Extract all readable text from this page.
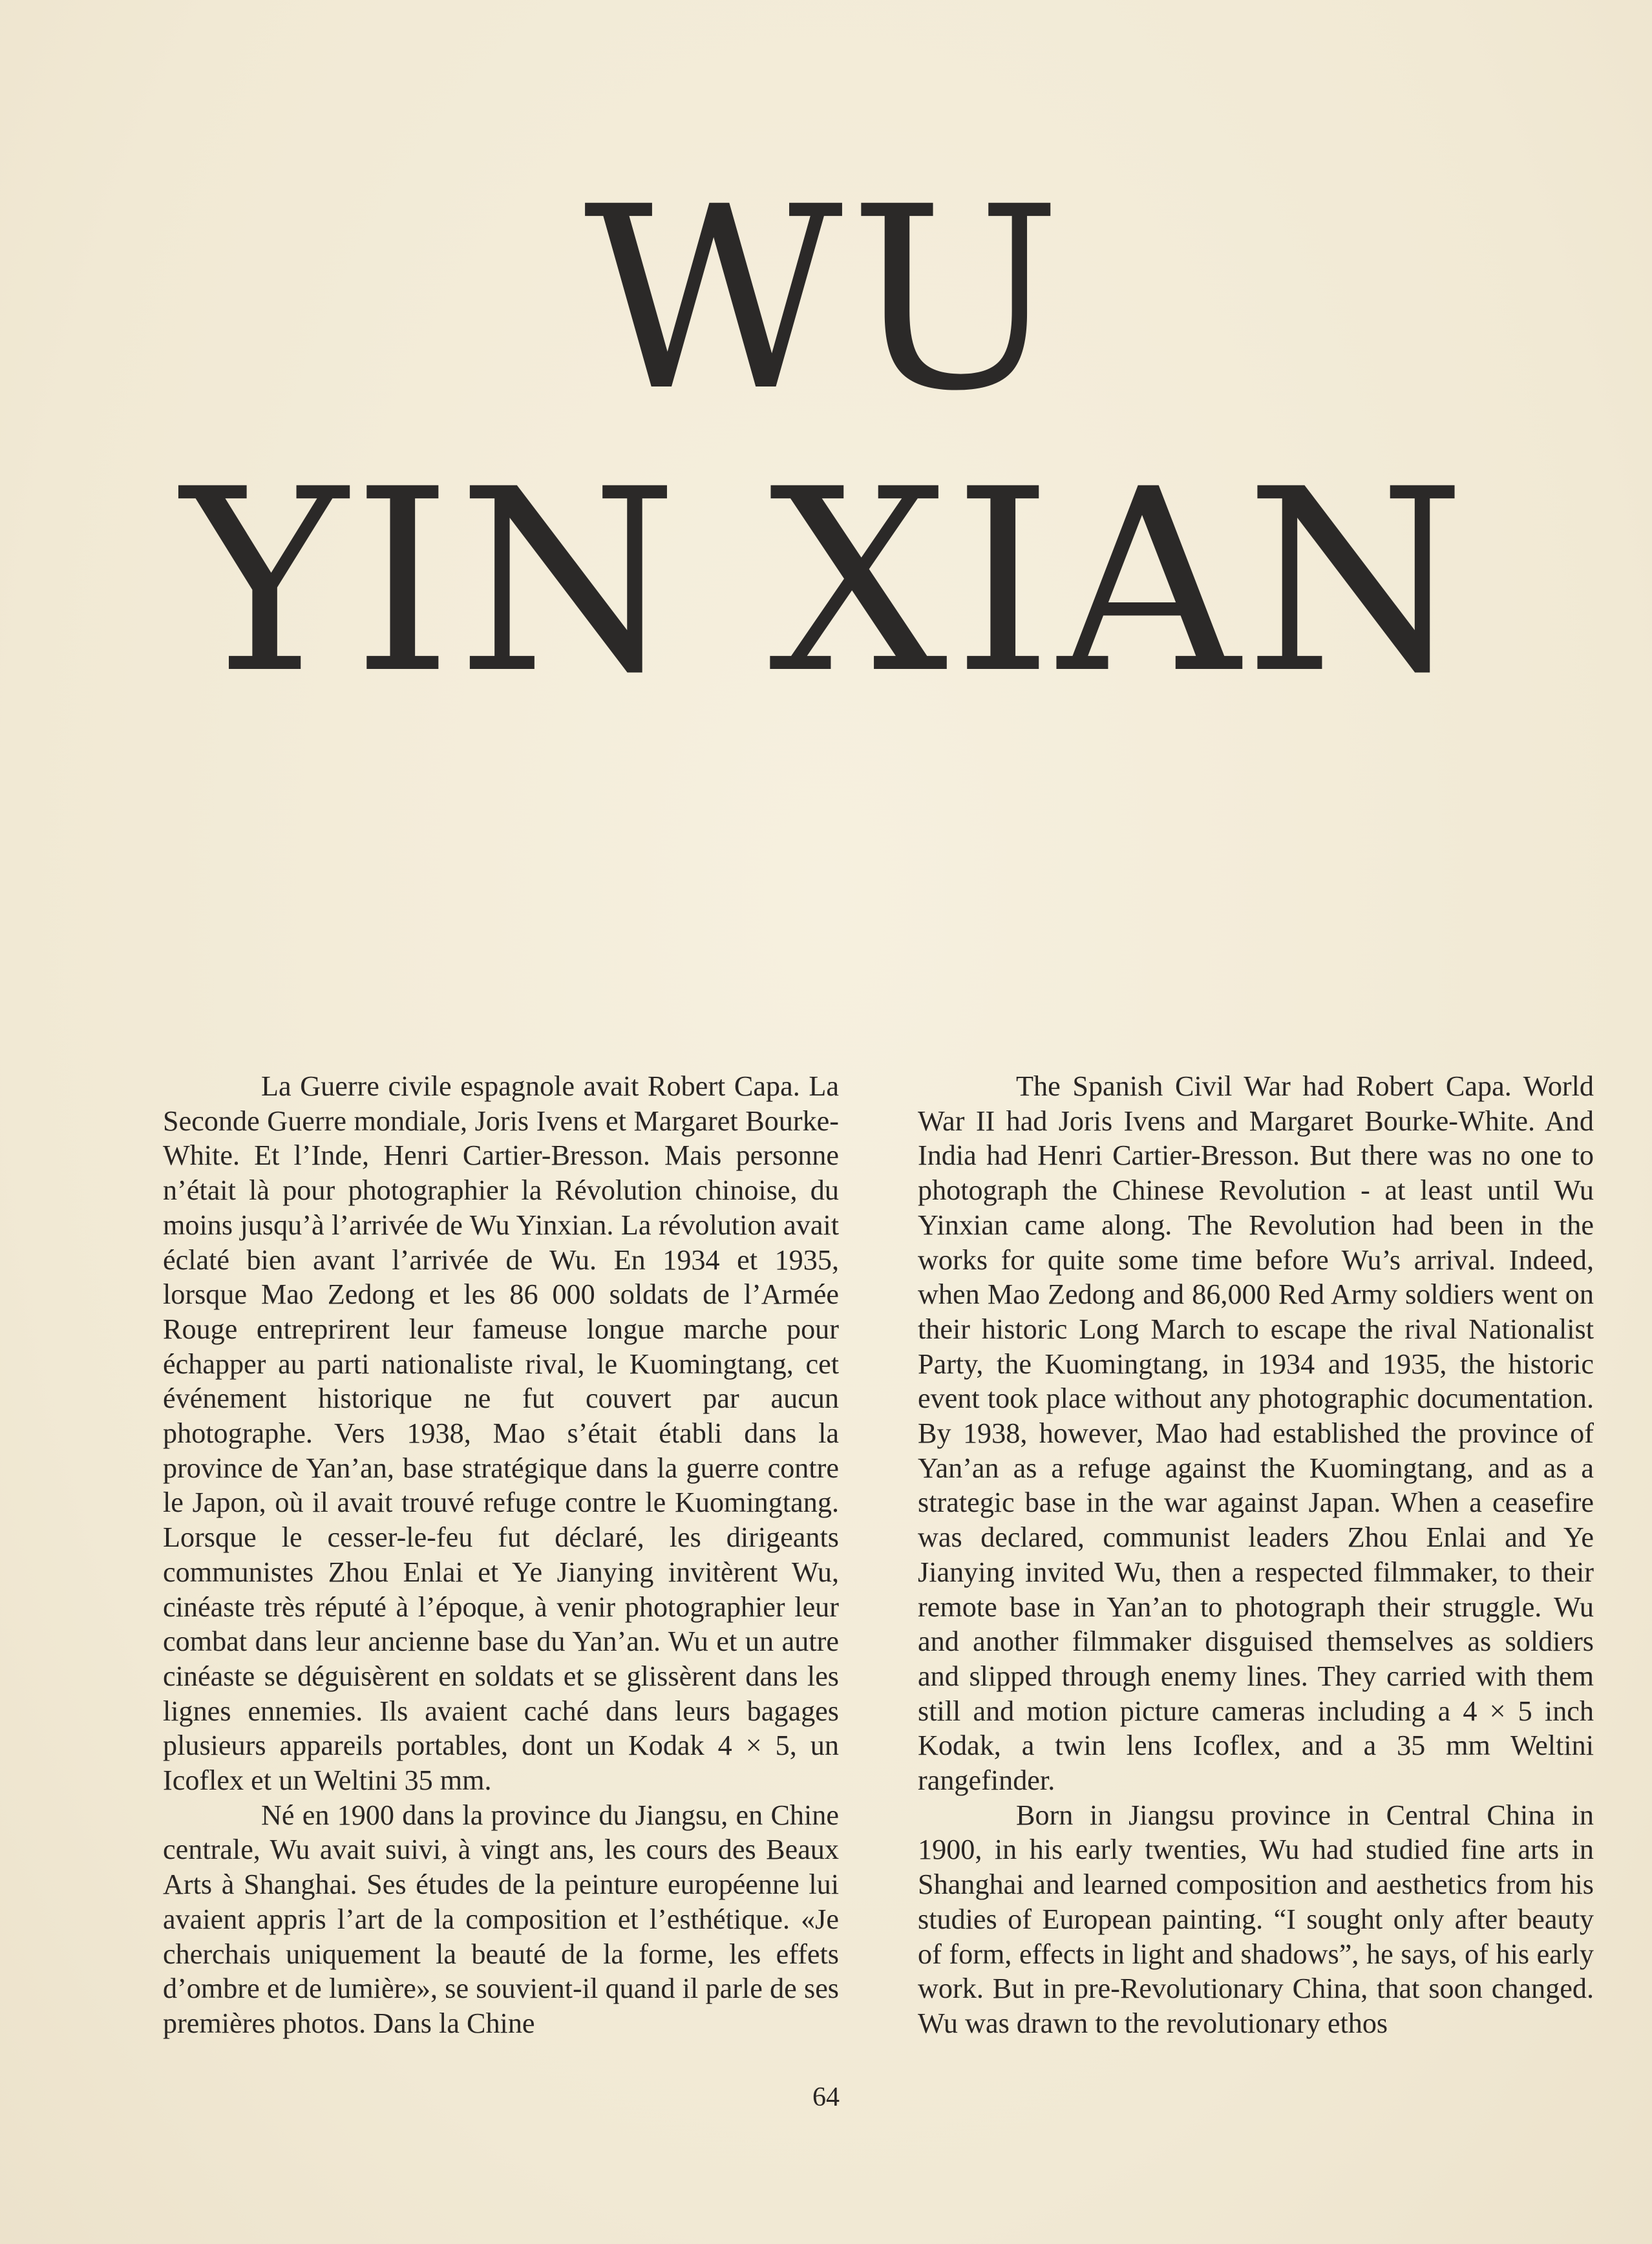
WU
YIN XIAN

La Guerre civile espagnole avait Robert Capa. La Seconde Guerre mondiale, Joris Ivens et Margaret Bourke-White. Et l’Inde, Henri Cartier-Bresson. Mais personne n’était là pour photographier la Révolution chinoise, du moins jusqu’à l’arrivée de Wu Yinxian. La révolution avait éclaté bien avant l’arrivée de Wu. En 1934 et 1935, lorsque Mao Zedong et les 86 000 soldats de l’Armée Rouge entreprirent leur fameuse longue marche pour échapper au parti nationaliste rival, le Kuomingtang, cet événement historique ne fut couvert par aucun photographe. Vers 1938, Mao s’était établi dans la province de Yan’an, base stratégique dans la guerre contre le Japon, où il avait trouvé refuge contre le Kuomingtang. Lorsque le cesser-le-feu fut déclaré, les dirigeants communistes Zhou Enlai et Ye Jianying invitèrent Wu, cinéaste très réputé à l’époque, à venir photographier leur combat dans leur ancienne base du Yan’an. Wu et un autre cinéaste se déguisèrent en soldats et se glissèrent dans les lignes ennemies. Ils avaient caché dans leurs bagages plusieurs appareils portables, dont un Kodak 4 × 5, un Icoflex et un Weltini 35 mm.

Né en 1900 dans la province du Jiangsu, en Chine centrale, Wu avait suivi, à vingt ans, les cours des Beaux Arts à Shanghai. Ses études de la peinture européenne lui avaient appris l’art de la composition et l’esthétique. «Je cherchais uniquement la beauté de la forme, les effets d’ombre et de lumière», se souvient-il quand il parle de ses premières photos. Dans la Chine

The Spanish Civil War had Robert Capa. World War II had Joris Ivens and Margaret Bourke-White. And India had Henri Cartier-Bresson. But there was no one to photograph the Chinese Revolution - at least until Wu Yinxian came along. The Revolution had been in the works for quite some time before Wu’s arrival. Indeed, when Mao Zedong and 86,000 Red Army soldiers went on their historic Long March to escape the rival Nationalist Party, the Kuomingtang, in 1934 and 1935, the historic event took place without any photographic documentation. By 1938, however, Mao had established the province of Yan’an as a refuge against the Kuomingtang, and as a strategic base in the war against Japan. When a ceasefire was declared, communist leaders Zhou Enlai and Ye Jianying invited Wu, then a respected filmmaker, to their remote base in Yan’an to photograph their struggle. Wu and another filmmaker disguised themselves as soldiers and slipped through enemy lines. They carried with them still and motion picture cameras including a 4 × 5 inch Kodak, a twin lens Icoflex, and a 35 mm Weltini rangefinder.

Born in Jiangsu province in Central China in 1900, in his early twenties, Wu had studied fine arts in Shanghai and learned composition and aesthetics from his studies of European painting. “I sought only after beauty of form, effects in light and shadows”, he says, of his early work. But in pre-Revolutionary China, that soon changed. Wu was drawn to the revolutionary ethos

64
